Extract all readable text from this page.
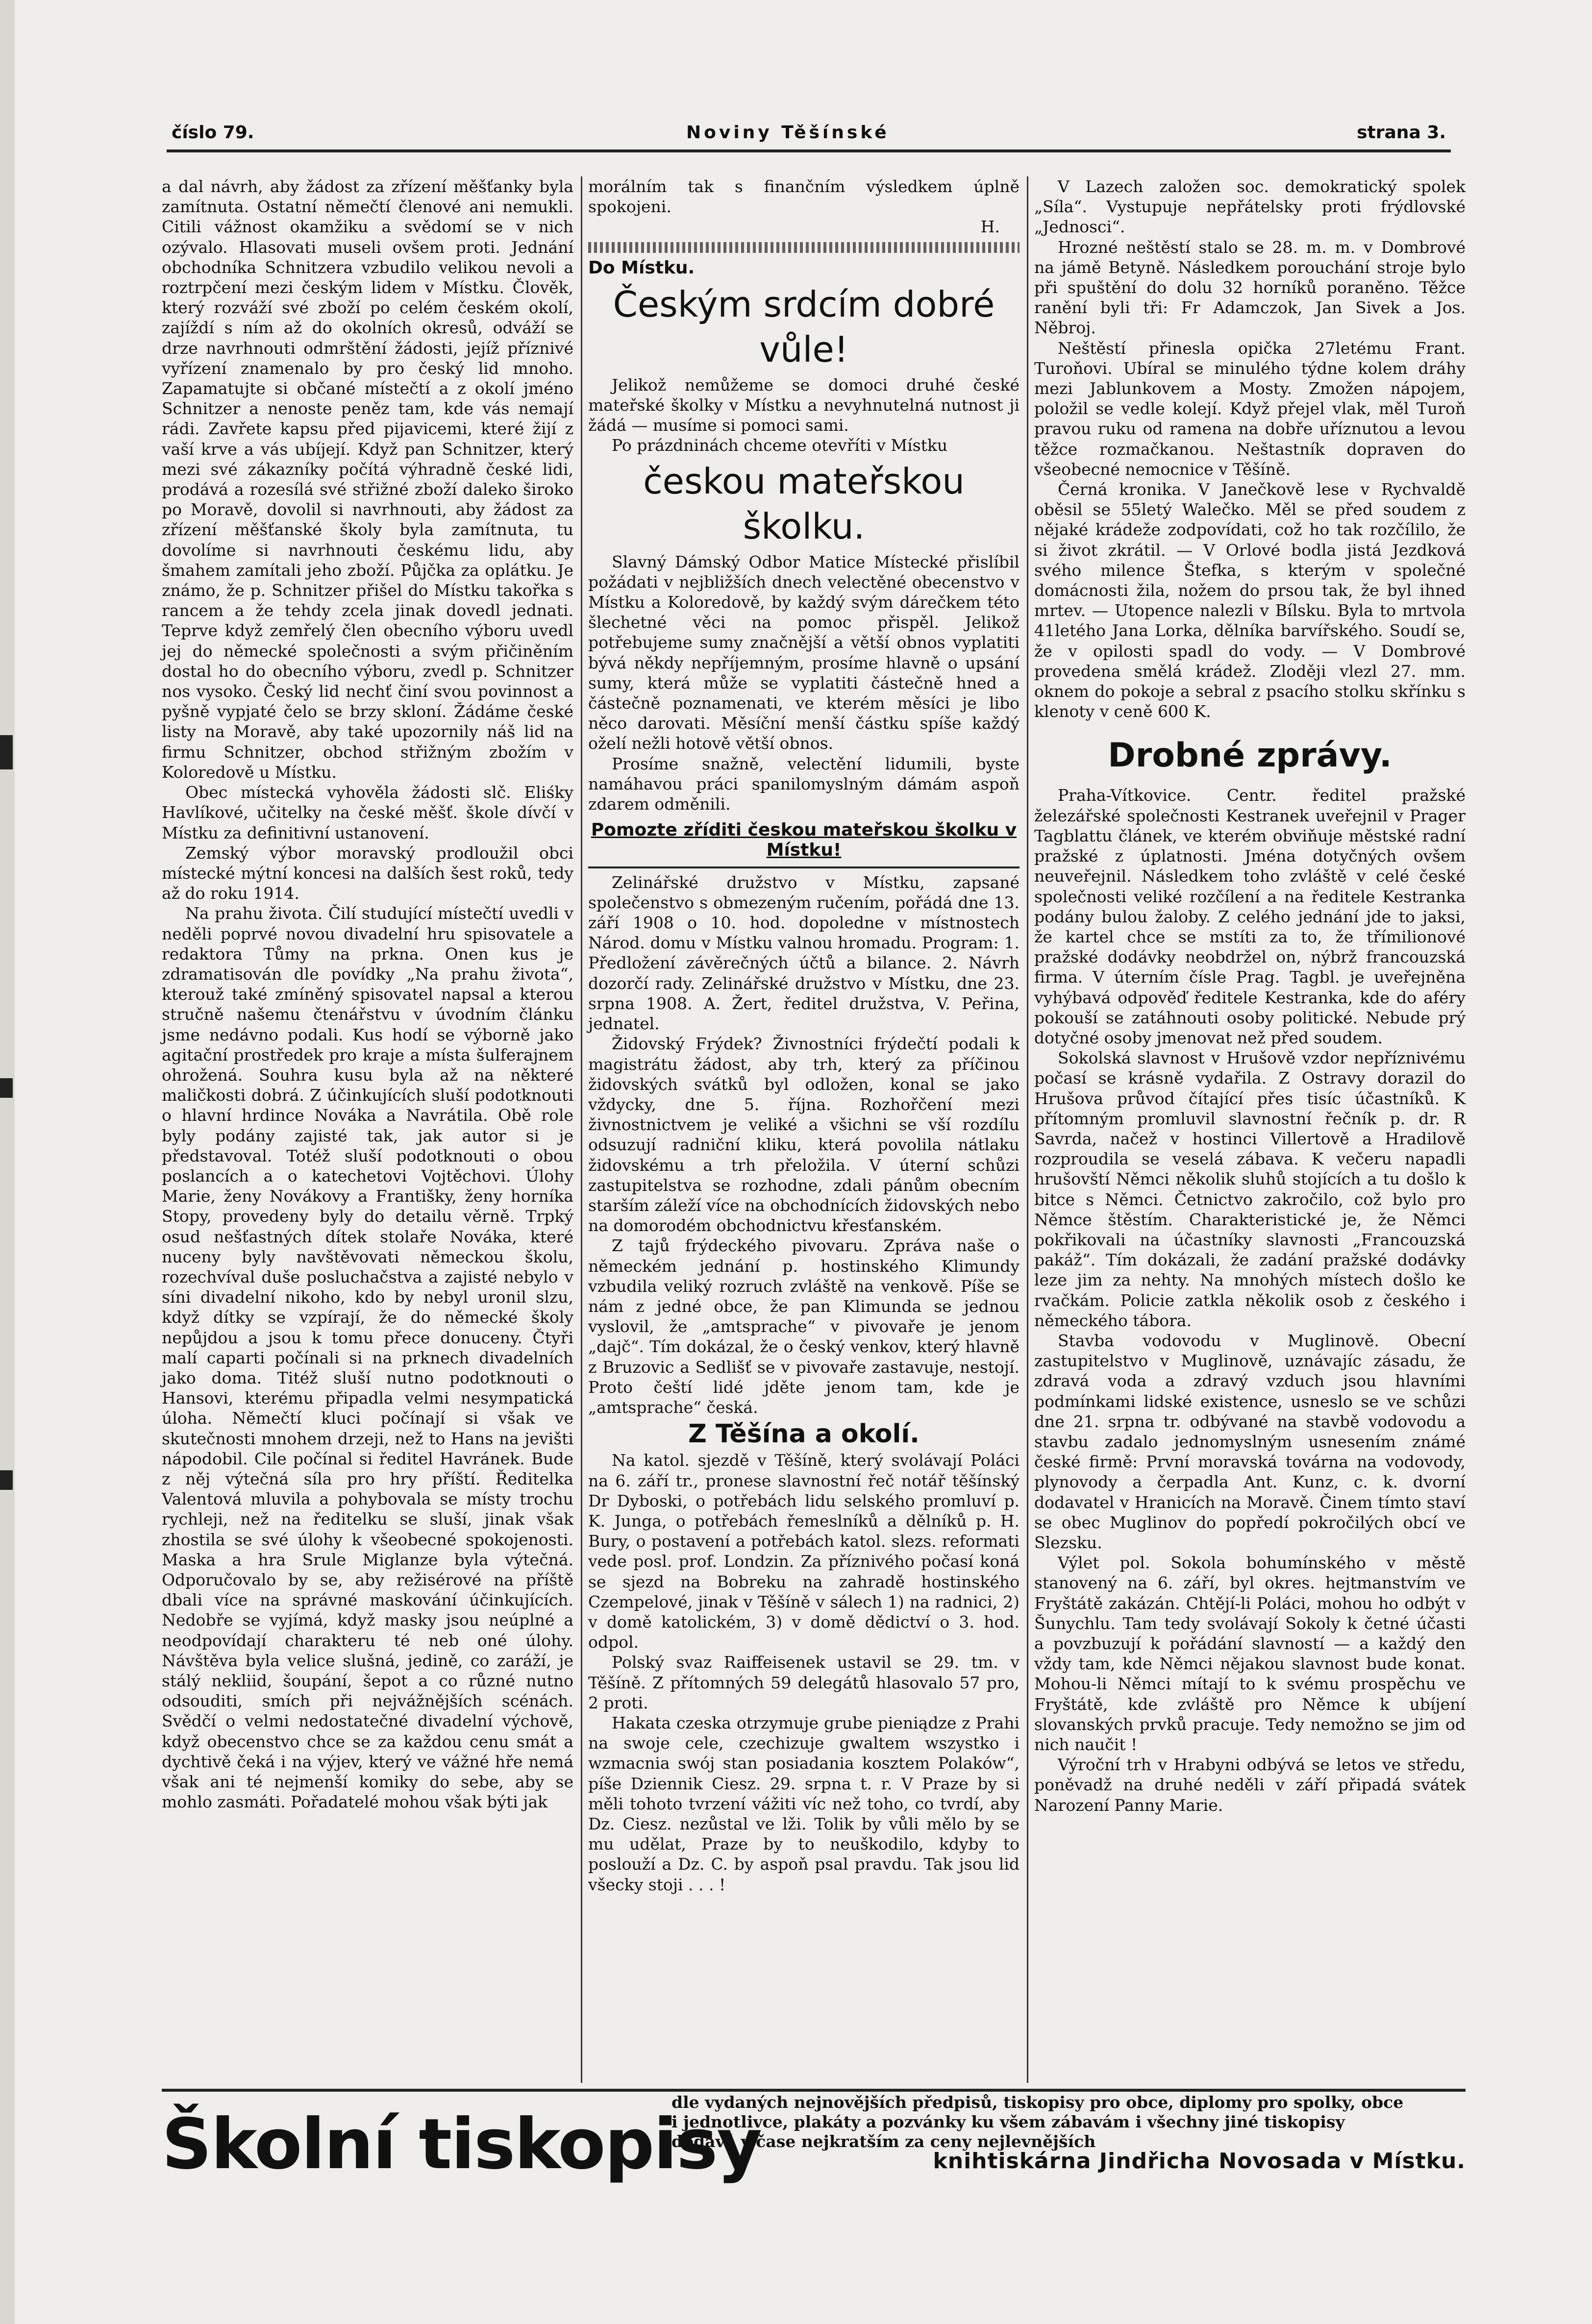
číslo 79.	Noviny Těšínské	strana 3.

a dal návrh, aby žádost za zřízení měšťanky byla zamítnuta. Ostatní němečtí členové ani nemukli. Citili vážnost okamžiku a svědomí se v nich ozývalo. Hlasovati museli ovšem proti. Jednání obchodníka Schnitzera vzbudilo velikou nevoli a roztrpčení mezi českým lidem v Místku. Člověk, který rozváží své zboží po celém českém okolí, zajíždí s ním až do okolních okresů, odváží se drze navrhnouti odmrštění žádosti, jejíž příznivé vyřízení znamenalo by pro český lid mnoho. Zapamatujte si občané místečtí a z okolí jméno Schnitzer a nenoste peněz tam, kde vás nemají rádi. Zavřete kapsu před pijavicemi, které žijí z vaší krve a vás ubíjejí. Když pan Schnitzer, který mezi své zákazníky počítá výhradně české lidi, prodává a rozesílá své střižné zboží daleko široko po Moravě, dovolil si navrhnouti, aby žádost za zřízení měšťanské školy byla zamítnuta, tu dovolíme si navrhnouti českému lidu, aby šmahem zamítali jeho zboží. Půjčka za oplátku. Je známo, že p. Schnitzer přišel do Místku takořka s rancem a že tehdy zcela jinak dovedl jednati. Teprve když zemřelý člen obecního výboru uvedl jej do německé společnosti a svým přičiněním dostal ho do obecního výboru, zvedl p. Schnitzer nos vysoko. Český lid nechť činí svou povinnost a pyšně vypjaté čelo se brzy skloní. Žádáme české listy na Moravě, aby také upozornily náš lid na firmu Schnitzer, obchod střižným zbožím v Koloredově u Místku.

Obec místecká vyhověla žádosti slč. Eliśky Havlíkové, učitelky na české měšť. škole dívčí v Místku za definitivní ustanovení.

Zemský výbor moravský prodloužil obci místecké mýtní koncesi na dalších šest roků, tedy až do roku 1914.

Na prahu života. Čilí studující místečtí uvedli v neděli poprvé novou divadelní hru spisovatele a redaktora Tůmy na prkna. Onen kus je zdramatisován dle povídky „Na prahu života“, kterouž také zmíněný spisovatel napsal a kterou stručně našemu čtenářstvu v úvodním článku jsme nedávno podali. Kus hodí se výborně jako agitační prostředek pro kraje a místa šulferajnem ohrožená. Souhra kusu byla až na některé maličkosti dobrá. Z účinkujících sluší podotknouti o hlavní hrdince Nováka a Navrátila. Obě role byly podány zajisté tak, jak autor si je představoval. Totéž sluší podotknouti o obou poslancích a o katechetovi Vojtěchovi. Úlohy Marie, ženy Novákovy a Františky, ženy horníka Stopy, provedeny byly do detailu věrně. Trpký osud nešťastných dítek stolaře Nováka, které nuceny byly navštěvovati německou školu, rozechvíval duše posluchačstva a zajisté nebylo v síni divadelní nikoho, kdo by nebyl uronil slzu, když dítky se vzpírají, že do německé školy nepůjdou a jsou k tomu přece donuceny. Čtyři malí caparti počínali si na prknech divadelních jako doma. Titéž sluší nutno podotknouti o Hansovi, kterému připadla velmi nesympatická úloha. Němečtí kluci počínají si však ve skutečnosti mnohem drzeji, než to Hans na jevišti nápodobil. Cile počínal si ředitel Havránek. Bude z něj výtečná síla pro hry příští. Ředitelka Valentová mluvila a pohybovala se místy trochu rychleji, než na ředitelku se sluší, jinak však zhostila se své úlohy k všeobecné spokojenosti. Maska a hra Srule Miglanze byla výtečná. Odporučovalo by se, aby režisérové na příště dbali více na správné maskování účinkujících. Nedobře se vyjímá, když masky jsou neúplné a neodpovídají charakteru té neb oné úlohy. Návštěva byla velice slušná, jedině, co zaráží, je stálý nekliid, šoupání, šepot a co různé nutno odsouditi, smích při nejvážnějších scénách. Svědčí o velmi nedostatečné divadelní výchově, když obecenstvo chce se za každou cenu smát a dychtivě čeká i na výjev, který ve vážné hře nemá však ani té nejmenší komiky do sebe, aby se mohlo zasmáti. Pořadatelé mohou však býti jak

morálním tak s finančním výsledkem úplně spokojeni.

H.
Do Místku.
Českým srdcím dobré vůle!

Jelikož nemůžeme se domoci druhé české mateřské školky v Místku a nevyhnutelná nutnost ji žádá — musíme si pomoci sami.

Po prázdninách chceme otevříti v Místku

českou mateřskou školku.

Slavný Dámský Odbor Matice Místecké přislíbil požádati v nejbližších dnech velectěné obecenstvo v Místku a Koloredově, by každý svým dárečkem této šlechetné věci na pomoc přispěl. Jelikož potřebujeme sumy značnější a větší obnos vyplatiti bývá někdy nepříjemným, prosíme hlavně o upsání sumy, která může se vyplatiti částečně hned a částečně poznamenati, ve kterém měsíci je libo něco darovati. Měsíční menší částku spíše každý oželí nežli hotově větší obnos.

Prosíme snažně, velectění lidumili, byste namáhavou práci spanilomyslným dámám aspoň zdarem odměnili.

Pomozte zříditi českou mateřskou školku v Místku!

Zelinářské družstvo v Místku, zapsané společenstvo s obmezeným ručením, pořádá dne 13. září 1908 o 10. hod. dopoledne v místnostech Národ. domu v Místku valnou hromadu. Program: 1. Předložení závěrečných účtů a bilance. 2. Návrh dozorčí rady. Zelinářské družstvo v Místku, dne 23. srpna 1908. A. Žert, ředitel družstva, V. Peřina, jednatel.

Židovský Frýdek? Živnostníci frýdečtí podali k magistrátu žádost, aby trh, který za příčinou židovských svátků byl odložen, konal se jako vždycky, dne 5. října. Rozhořčení mezi živnostnictvem je veliké a všichni se vší rozdílu odsuzují radniční kliku, která povolila nátlaku židovskému a trh přeložila. V úterní schůzi zastupitelstva se rozhodne, zdali pánům obecním starším záleží více na obchodnících židovských nebo na domorodém obchodnictvu křesťanském.

Z tajů frýdeckého pivovaru. Zpráva naše o německém jednání p. hostinského Klimundy vzbudila veliký rozruch zvláště na venkově. Píše se nám z jedné obce, že pan Klimunda se jednou vyslovil, že „amtsprache“ v pivovaře je jenom „dajč“. Tím dokázal, že o český venkov, který hlavně z Bruzovic a Sedlišť se v pivovaře zastavuje, nestojí. Proto čeští lidé jděte jenom tam, kde je „amtsprache“ česká.

Z Těšína a okolí.

Na katol. sjezdě v Těšíně, který svolávají Poláci na 6. září tr., pronese slavnostní řeč notář těšínský Dr Dyboski, o potřebách lidu selského promluví p. K. Junga, o potřebách řemeslníků a dělníků p. H. Bury, o postavení a potřebách katol. slezs. reformati vede posl. prof. Londzin. Za příznivého počasí koná se sjezd na Bobreku na zahradě hostinského Czempelové, jinak v Těšíně v sálech 1) na radnici, 2) v domě katolickém, 3) v domě dědictví o 3. hod. odpol.

Polský svaz Raiffeisenek ustavil se 29. tm. v Těšíně. Z přítomných 59 delegátů hlasovalo 57 pro, 2 proti.

Hakata czeska otrzymuje grube pieniądze z Prahi na swoje cele, czechizuje gwaltem wszystko i wzmacnia swój stan posiadania kosztem Polaków“, píše Dziennik Ciesz. 29. srpna t. r. V Praze by si měli tohoto tvrzení vážiti víc než toho, co tvrdí, aby Dz. Ciesz. nezůstal ve lži. Tolik by vůli mělo by se mu udělat, Praze by to neuškodilo, kdyby to poslouží a Dz. C. by aspoň psal pravdu. Tak jsou lid všecky stoji . . . !

V Lazech založen soc. demokratický spolek „Síla“. Vystupuje nepřátelsky proti frýdlovské „Jednosci“.

Hrozné neštěstí stalo se 28. m. m. v Dombrové na jámě Betyně. Následkem porouchání stroje bylo při spuštění do dolu 32 horníků poraněno. Těžce ranění byli tři: Fr Adamczok, Jan Sivek a Jos. Něbroj.

Neštěstí přinesla opička 27letému Frant. Turoňovi. Ubíral se minulého týdne kolem dráhy mezi Jablunkovem a Mosty. Zmožen nápojem, položil se vedle kolejí. Když přejel vlak, měl Turoň pravou ruku od ramena na dobře uříznutou a levou těžce rozmačkanou. Neštastník dopraven do všeobecné nemocnice v Těšíně.

Černá kronika. V Janečkově lese v Rychvaldě oběsil se 55letý Walečko. Měl se před soudem z nějaké krádeže zodpovídati, což ho tak rozčílilo, že si život zkrátil. — V Orlové bodla jistá Jezdková svého milence Štefka, s kterým v společné domácnosti žila, nožem do prsou tak, že byl ihned mrtev. — Utopence nalezli v Bílsku. Byla to mrtvola 41letého Jana Lorka, dělníka barvířského. Soudí se, že v opilosti spadl do vody. — V Dombrové provedena smělá krádež. Zloději vlezl 27. mm. oknem do pokoje a sebral z psacího stolku skřínku s klenoty v ceně 600 K.

Drobné zprávy.

Praha-Vítkovice. Centr. ředitel pražské železářské společnosti Kestranek uveřejnil v Prager Tagblattu článek, ve kterém obviňuje městské radní pražské z úplatnosti. Jména dotyčných ovšem neuveřejnil. Následkem toho zvláště v celé české společnosti veliké rozčílení a na ředitele Kestranka podány bulou žaloby. Z celého jednání jde to jaksi, že kartel chce se mstíti za to, že třímilionové pražské dodávky neobdržel on, nýbrž francouzská firma. V úterním čísle Prag. Tagbl. je uveřejněna vyhýbavá odpověď ředitele Kestranka, kde do aféry pokouší se zatáhnouti osoby politické. Nebude prý dotyčné osoby jmenovat než před soudem.

Sokolská slavnost v Hrušově vzdor nepříznivému počasí se krásně vydařila. Z Ostravy dorazil do Hrušova průvod čítající přes tisíc účastníků. K přítomným promluvil slavnostní řečník p. dr. R Savrda, načež v hostinci Villertově a Hradilově rozproudila se veselá zábava. K večeru napadli hrušovští Němci několik sluhů stojících a tu došlo k bitce s Němci. Četnictvo zakročilo, což bylo pro Němce štěstím. Charakteristické je, že Němci pokřikovali na účastníky slavnosti „Francouzská pakáž“. Tím dokázali, že zadání pražské dodávky leze jim za nehty. Na mnohých místech došlo ke rvačkám. Policie zatkla několik osob z českého i německého tábora.

Stavba vodovodu v Muglinově. Obecní zastupitelstvo v Muglinově, uznávajíc zásadu, že zdravá voda a zdravý vzduch jsou hlavními podmínkami lidské existence, usneslo se ve schůzi dne 21. srpna tr. odbývané na stavbě vodovodu a stavbu zadalo jednomyslným usnesením známé české firmě: První moravská továrna na vodovody, plynovody a čerpadla Ant. Kunz, c. k. dvorní dodavatel v Hranicích na Moravě. Činem tímto staví se obec Muglinov do popředí pokročilých obcí ve Slezsku.

Výlet pol. Sokola bohumínského v městě stanovený na 6. září, byl okres. hejtmanstvím ve Fryštátě zakázán. Chtějí-li Poláci, mohou ho odbýt v Šunychlu. Tam tedy svolávají Sokoly k četné účasti a povzbuzují k pořádání slavností — a každý den vždy tam, kde Němci nějakou slavnost bude konat. Mohou-li Němci mítají to k svému prospěchu ve Fryštátě, kde zvláště pro Němce k ubíjení slovanských prvků pracuje. Tedy nemožno se jim od nich naučit !

Výroční trh v Hrabyni odbývá se letos ve středu, poněvadž na druhé neděli v září připadá svátek Narození Panny Marie.

Školní tiskopisy
dle vydaných nejnovějších předpisů, tiskopisy pro obce, diplomy pro spolky, obce
i jednotlivce, plakáty a pozvánky ku všem zábavám i všechny jiné tiskopisy
dodává v čase nejkratším za ceny nejlevnějších
knihtiskárna Jindřicha Novosada v Místku.
